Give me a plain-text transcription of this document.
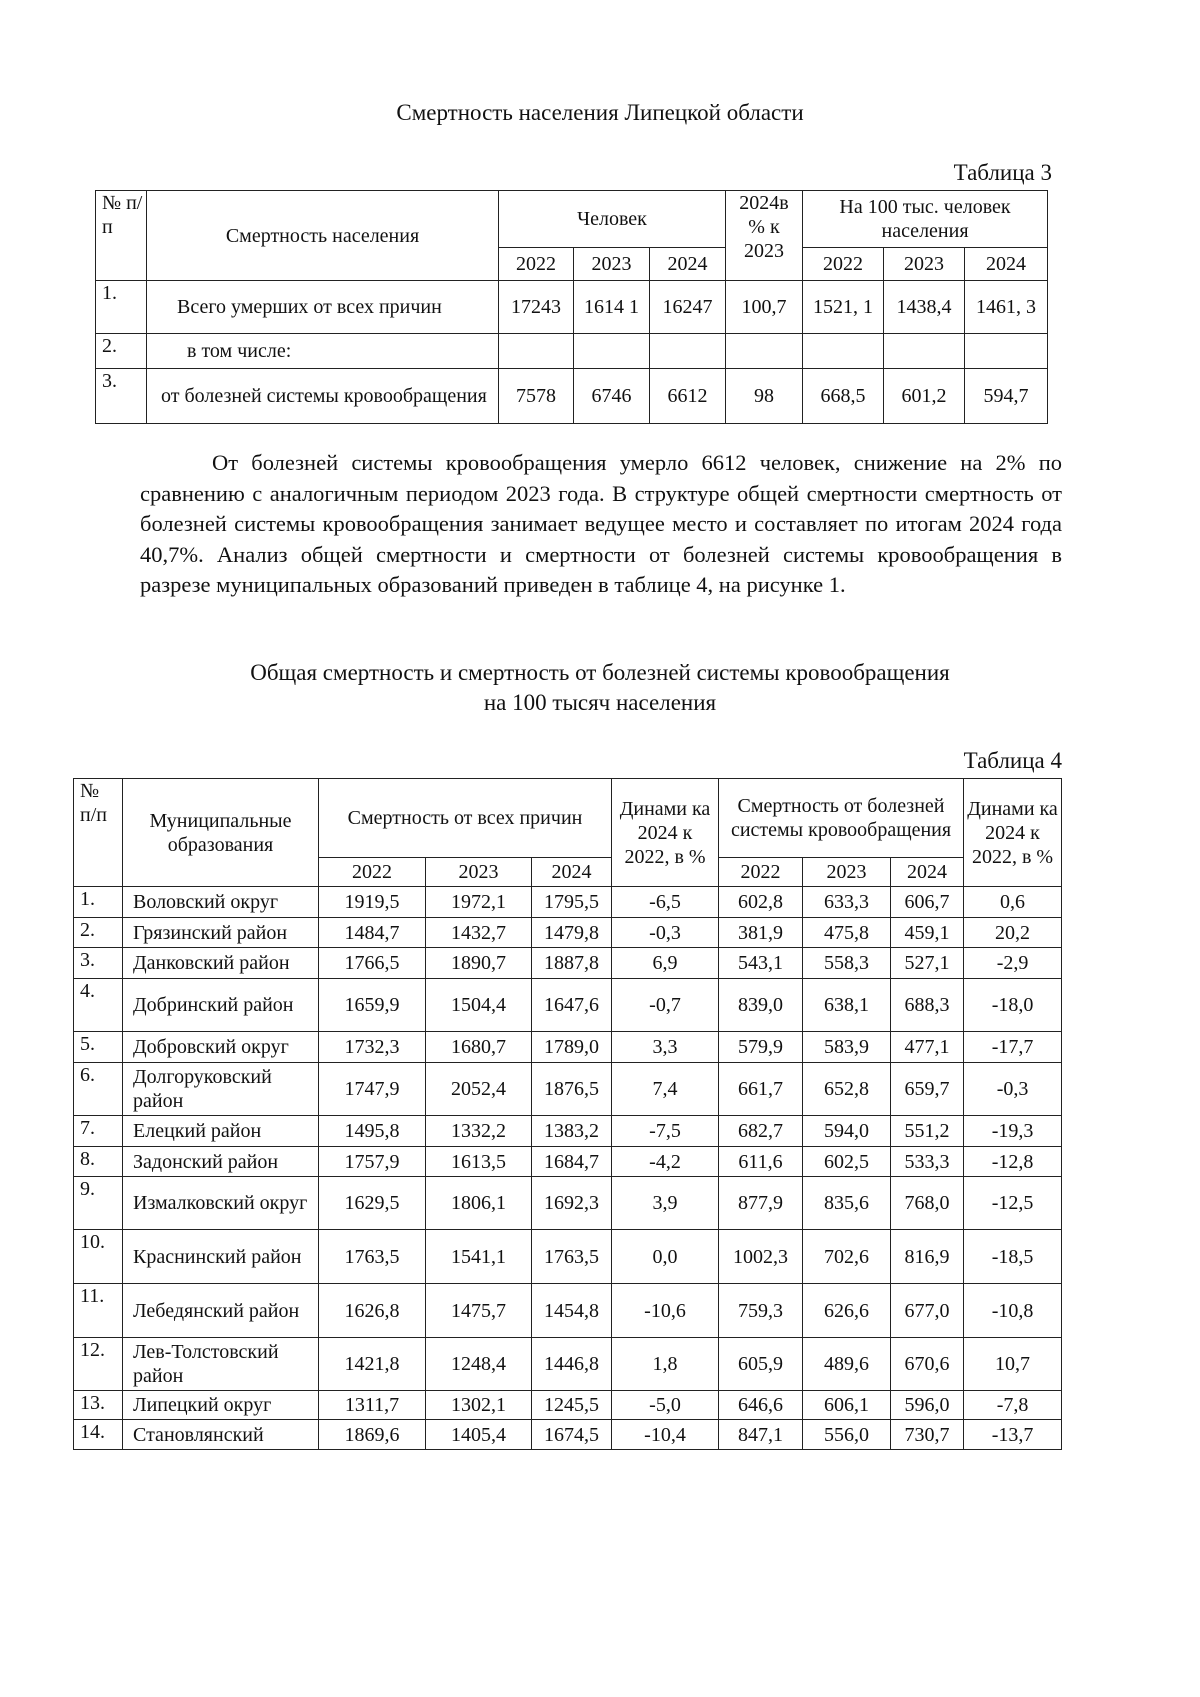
Смертность населения Липецкой области
Таблица 3
№ п/п	Смертность населения	Человек			2024в % к 2023	На 100 тыс. человек населения		
		2022	2023	2024		2022	2023	2024
1.	Всего умерших от всех причин	17243	1614 1	16247	100,7	1521, 1	1438,4	1461, 3
2.	в том числе:							
3.	от болезней системы кровообращения	7578	6746	6612	98	668,5	601,2	594,7
От болезней системы кровообращения умерло 6612 человек, снижение на 2% по сравнению с аналогичным периодом 2023 года. В структуре общей смертности смертность от болезней системы кровообращения занимает ведущее место и составляет по итогам 2024 года 40,7%. Анализ общей смертности и смертности от болезней системы кровообращения в разрезе муниципальных образований приведен в таблице 4, на рисунке 1.
Общая смертность и смертность от болезней системы кровообращения
на 100 тысяч населения
Таблица 4
№ п/п	Муниципальные образования	Смертность от всех причин			Динами ка 2024 к 2022, в %	Смертность от болезней системы кровообращения			Динами ка 2024 к 2022, в %
		2022	2023	2024		2022	2023	2024	
1.	Воловский округ	1919,5	1972,1	1795,5	-6,5	602,8	633,3	606,7	0,6
2.	Грязинский район	1484,7	1432,7	1479,8	-0,3	381,9	475,8	459,1	20,2
3.	Данковский район	1766,5	1890,7	1887,8	6,9	543,1	558,3	527,1	-2,9
4.	Добринский район	1659,9	1504,4	1647,6	-0,7	839,0	638,1	688,3	-18,0
5.	Добровский округ	1732,3	1680,7	1789,0	3,3	579,9	583,9	477,1	-17,7
6.	Долгоруковский район	1747,9	2052,4	1876,5	7,4	661,7	652,8	659,7	-0,3
7.	Елецкий район	1495,8	1332,2	1383,2	-7,5	682,7	594,0	551,2	-19,3
8.	Задонский район	1757,9	1613,5	1684,7	-4,2	611,6	602,5	533,3	-12,8
9.	Измалковский округ	1629,5	1806,1	1692,3	3,9	877,9	835,6	768,0	-12,5
10.	Краснинский район	1763,5	1541,1	1763,5	0,0	1002,3	702,6	816,9	-18,5
11.	Лебедянский район	1626,8	1475,7	1454,8	-10,6	759,3	626,6	677,0	-10,8
12.	Лев-Толстовский район	1421,8	1248,4	1446,8	1,8	605,9	489,6	670,6	10,7
13.	Липецкий округ	1311,7	1302,1	1245,5	-5,0	646,6	606,1	596,0	-7,8
14.	Становлянский	1869,6	1405,4	1674,5	-10,4	847,1	556,0	730,7	-13,7
